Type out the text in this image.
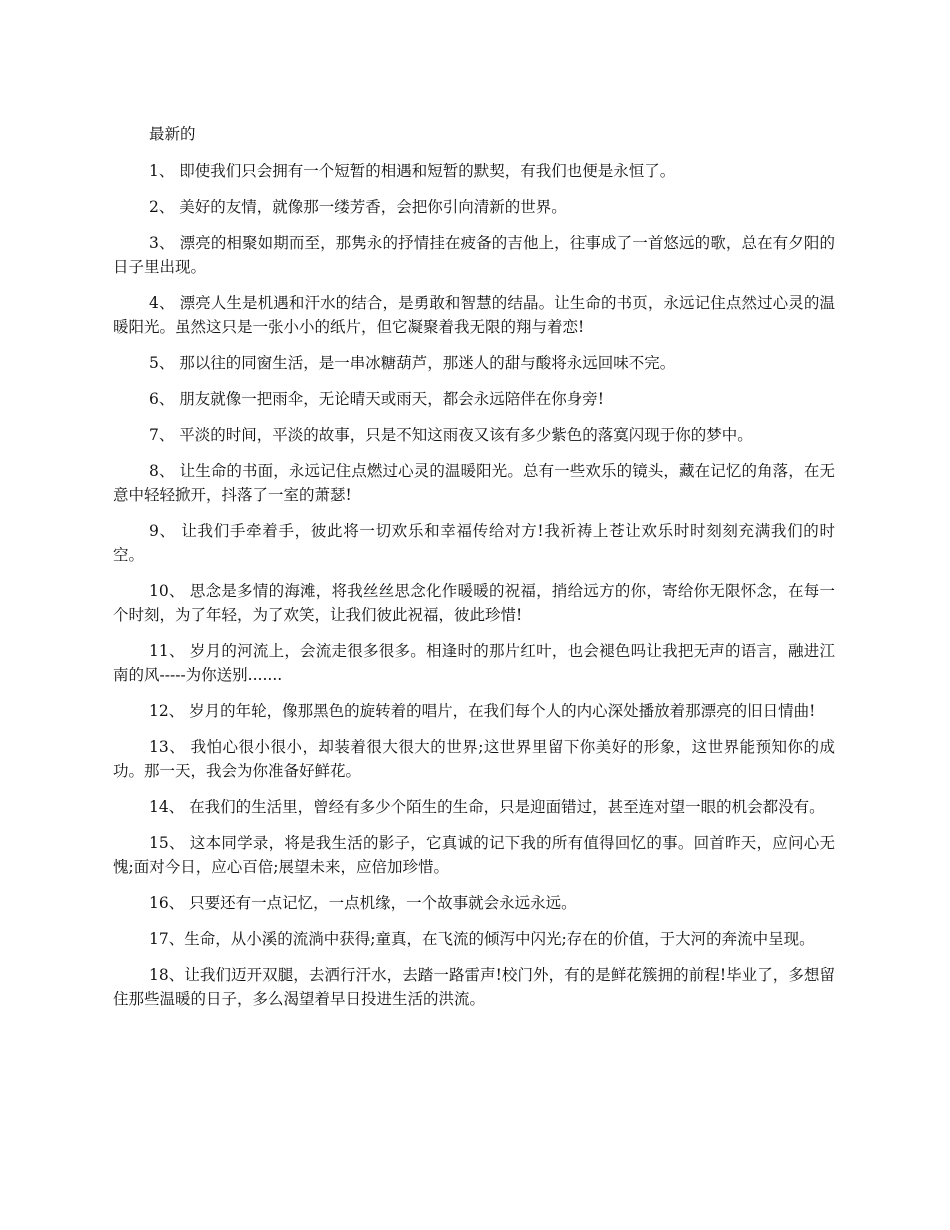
最新的

1、 即使我们只会拥有一个短暂的相遇和短暂的默契，有我们也便是永恒了。

2、 美好的友情，就像那一缕芳香，会把你引向清新的世界。

3、 漂亮的相聚如期而至，那隽永的抒情挂在疲备的吉他上，往事成了一首悠远的歌，总在有夕阳的日子里出现。

4、 漂亮人生是机遇和汗水的结合，是勇敢和智慧的结晶。让生命的书页，永远记住点然过心灵的温暖阳光。虽然这只是一张小小的纸片，但它凝聚着我无限的翔与着恋!

5、 那以往的同窗生活，是一串冰糖葫芦，那迷人的甜与酸将永远回味不完。

6、 朋友就像一把雨伞，无论晴天或雨天，都会永远陪伴在你身旁!

7、 平淡的时间，平淡的故事，只是不知这雨夜又该有多少紫色的落寞闪现于你的梦中。

8、 让生命的书面，永远记住点燃过心灵的温暖阳光。总有一些欢乐的镜头，藏在记忆的角落，在无意中轻轻掀开，抖落了一室的萧瑟!

9、 让我们手牵着手，彼此将一切欢乐和幸福传给对方!我祈祷上苍让欢乐时时刻刻充满我们的时空。

10、 思念是多情的海滩，将我丝丝思念化作暖暖的祝福，捎给远方的你，寄给你无限怀念，在每一个时刻，为了年轻，为了欢笑，让我们彼此祝福，彼此珍惜!

11、 岁月的河流上，会流走很多很多。相逢时的那片红叶，也会褪色吗让我把无声的语言，融进江南的风-----为你送别.......

12、 岁月的年轮，像那黑色的旋转着的唱片，在我们每个人的内心深处播放着那漂亮的旧日情曲!

13、 我怕心很小很小，却装着很大很大的世界;这世界里留下你美好的形象，这世界能预知你的成功。那一天，我会为你准备好鲜花。

14、 在我们的生活里，曾经有多少个陌生的生命，只是迎面错过，甚至连对望一眼的机会都没有。

15、 这本同学录，将是我生活的影子，它真诚的记下我的所有值得回忆的事。回首昨天，应问心无愧;面对今日，应心百倍;展望未来，应倍加珍惜。

16、 只要还有一点记忆，一点机缘，一个故事就会永远永远。

17、生命，从小溪的流淌中获得;童真，在飞流的倾泻中闪光;存在的价值，于大河的奔流中呈现。

18、让我们迈开双腿，去洒行汗水，去踏一路雷声!校门外，有的是鲜花簇拥的前程!毕业了，多想留住那些温暖的日子，多么渴望着早日投进生活的洪流。
